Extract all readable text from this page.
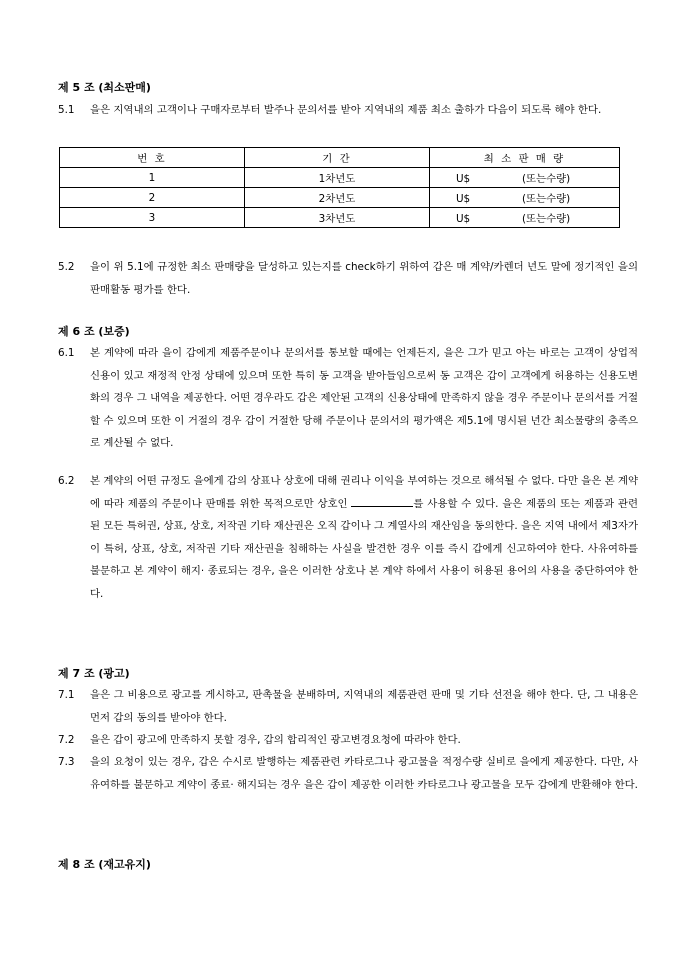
제 5 조 (최소판매)
5.1 을은 지역내의 고객이나 구매자로부터 발주나 문의서를 받아 지역내의 제품 최소 출하가 다음이 되도록 해야 한다.
번 호	기 간	최 소 판 매 량
1	1차년도	U$ (또는수량)
2	2차년도	U$ (또는수량)
3	3차년도	U$ (또는수량)
5.2 을이 위 5.1에 규정한 최소 판매량을 달성하고 있는지를 check하기 위하여 갑은 매 계약/카렌더 년도 말에 정기적인 을의 판매활동 평가를 한다.
제 6 조 (보증)
6.1 본 계약에 따라 을이 갑에게 제품주문이나 문의서를 통보할 때에는 언제든지, 을은 그가 믿고 아는 바로는 고객이 상업적 신용이 있고 재정적 안정 상태에 있으며 또한 특히 동 고객을 받아들임으로써 동 고객은 갑이 고객에게 허용하는 신용도변화의 경우 그 내역을 제공한다. 어떤 경우라도 갑은 제안된 고객의 신용상태에 만족하지 않을 경우 주문이나 문의서를 거절할 수 있으며 또한 이 거절의 경우 갑이 거절한 당해 주문이나 문의서의 평가액은 제5.1에 명시된 년간 최소물량의 충족으로 계산될 수 없다.
6.2 본 계약의 어떤 규정도 을에게 갑의 상표나 상호에 대해 권리나 이익을 부여하는 것으로 해석될 수 없다. 다만 을은 본 계약에 따라 제품의 주문이나 판매를 위한 목적으로만 상호인	를 사용할 수 있다. 을은 제품의 또는 제품과 관련된 모든 특허권, 상표, 상호, 저작권 기타 재산권은 오직 갑이나 그 계열사의 재산임을 동의한다. 을은 지역 내에서 제3자가 이 특허, 상표, 상호, 저작권 기타 재산권을 침해하는 사실을 발견한 경우 이를 즉시 갑에게 신고하여야 한다. 사유여하를 불문하고 본 계약이 해지· 종료되는 경우, 을은 이러한 상호나 본 계약 하에서 사용이 허용된 용어의 사용을 중단하여야 한다.
제 7 조 (광고)
7.1 을은 그 비용으로 광고를 게시하고, 판촉물을 분배하며, 지역내의 제품관련 판매 및 기타 선전을 해야 한다. 단, 그 내용은 먼저 갑의 동의를 받아야 한다.
7.2 을은 갑이 광고에 만족하지 못할 경우, 갑의 합리적인 광고변경요청에 따라야 한다.
7.3 을의 요청이 있는 경우, 갑은 수시로 발행하는 제품관련 카타로그나 광고물을 적정수량 실비로 을에게 제공한다. 다만, 사유여하를 불문하고 계약이 종료· 해지되는 경우 을은 갑이 제공한 이러한 카타로그나 광고물을 모두 갑에게 반환해야 한다.
제 8 조 (재고유지)
